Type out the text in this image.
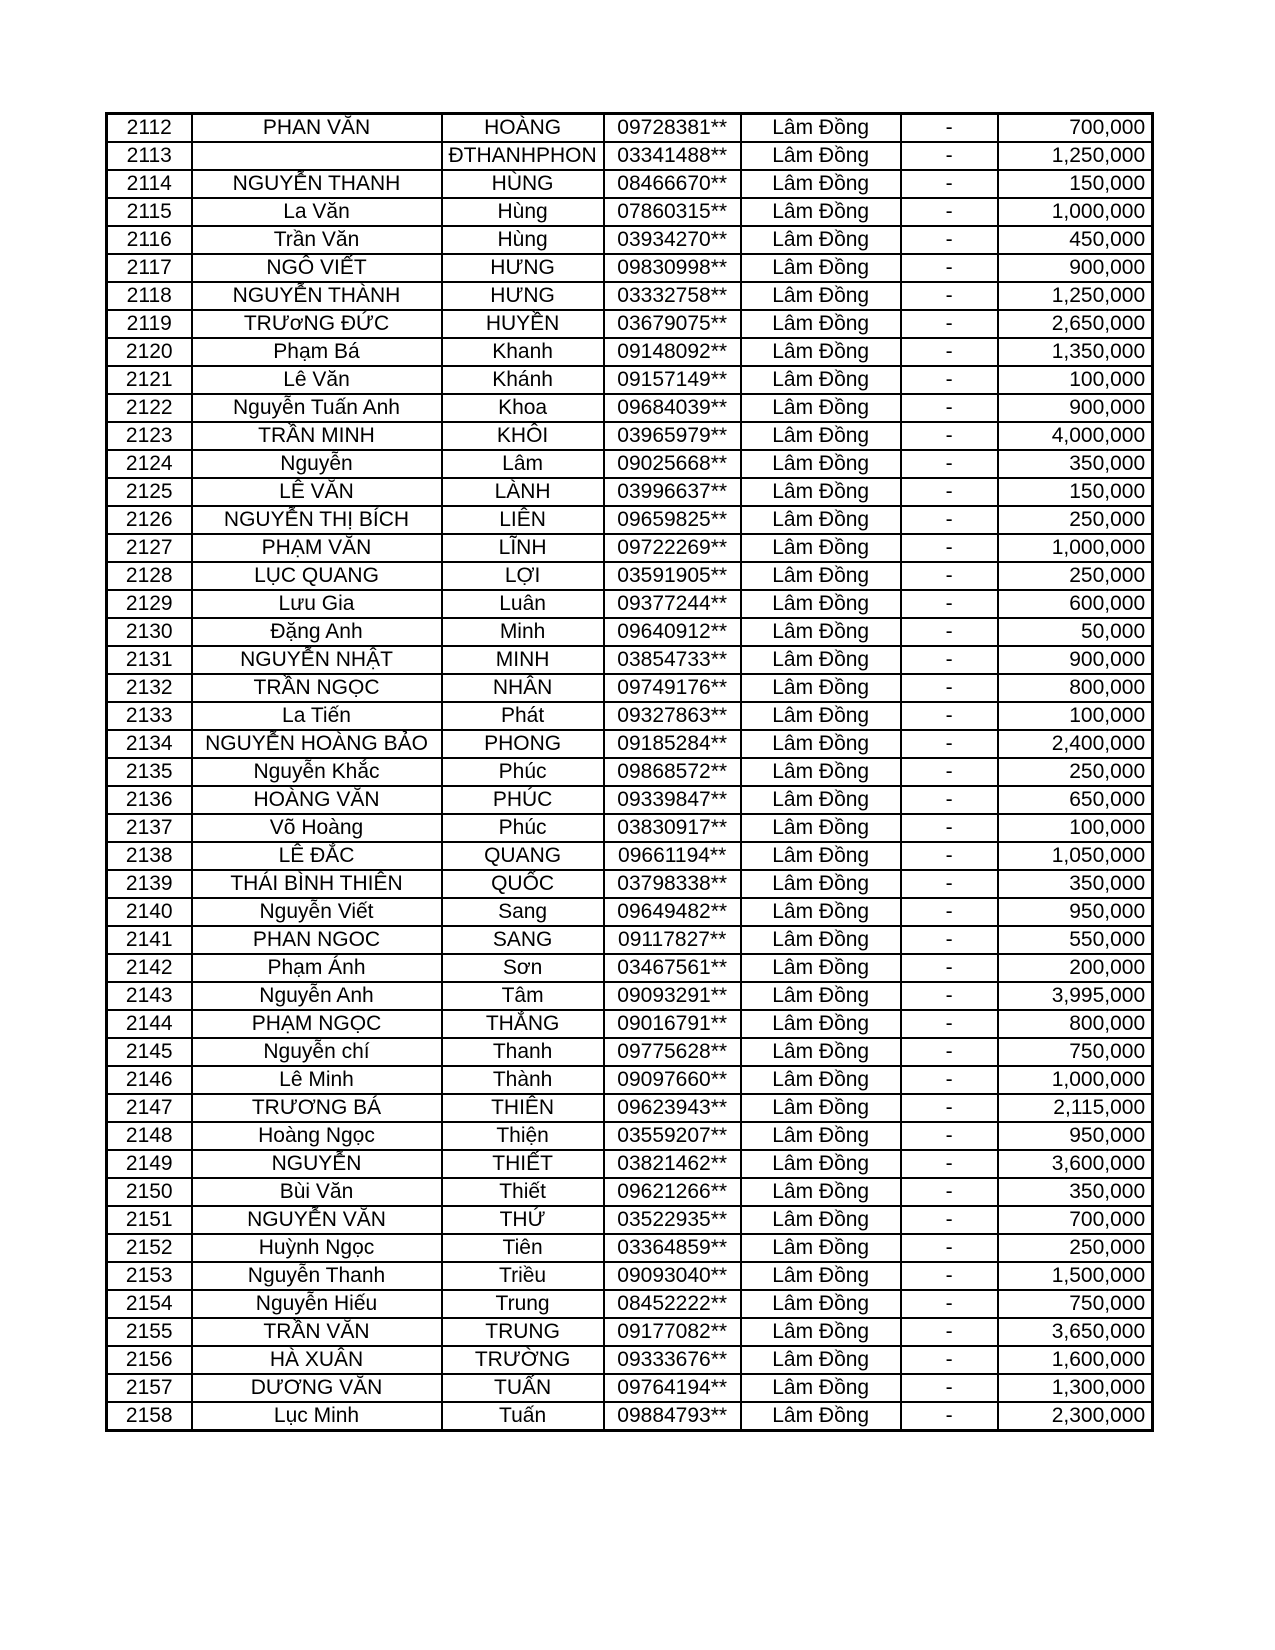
2112	PHAN VĂN	HOÀNG	09728381**	Lâm Đồng	-	700,000
2113		ĐTHANHPHON	03341488**	Lâm Đồng	-	1,250,000
2114	NGUYỄN THANH	HÙNG	08466670**	Lâm Đồng	-	150,000
2115	La Văn	Hùng	07860315**	Lâm Đồng	-	1,000,000
2116	Trần Văn	Hùng	03934270**	Lâm Đồng	-	450,000
2117	NGÔ VIẾT	HƯNG	09830998**	Lâm Đồng	-	900,000
2118	NGUYỄN THÀNH	HƯNG	03332758**	Lâm Đồng	-	1,250,000
2119	TRƯơNG ĐỨC	HUYỀN	03679075**	Lâm Đồng	-	2,650,000
2120	Phạm Bá	Khanh	09148092**	Lâm Đồng	-	1,350,000
2121	Lê Văn	Khánh	09157149**	Lâm Đồng	-	100,000
2122	Nguyễn Tuấn Anh	Khoa	09684039**	Lâm Đồng	-	900,000
2123	TRẦN MINH	KHÔI	03965979**	Lâm Đồng	-	4,000,000
2124	Nguyễn	Lâm	09025668**	Lâm Đồng	-	350,000
2125	LÊ VĂN	LÀNH	03996637**	Lâm Đồng	-	150,000
2126	NGUYỄN THỊ BÍCH	LIÊN	09659825**	Lâm Đồng	-	250,000
2127	PHẠM VĂN	LĨNH	09722269**	Lâm Đồng	-	1,000,000
2128	LỤC QUANG	LỢI	03591905**	Lâm Đồng	-	250,000
2129	Lưu Gia	Luân	09377244**	Lâm Đồng	-	600,000
2130	Đặng Anh	Minh	09640912**	Lâm Đồng	-	50,000
2131	NGUYỄN NHẬT	MINH	03854733**	Lâm Đồng	-	900,000
2132	TRẦN NGỌC	NHÂN	09749176**	Lâm Đồng	-	800,000
2133	La Tiến	Phát	09327863**	Lâm Đồng	-	100,000
2134	NGUYỄN HOÀNG BẢO	PHONG	09185284**	Lâm Đồng	-	2,400,000
2135	Nguyễn Khắc	Phúc	09868572**	Lâm Đồng	-	250,000
2136	HOÀNG VĂN	PHÚC	09339847**	Lâm Đồng	-	650,000
2137	Võ Hoàng	Phúc	03830917**	Lâm Đồng	-	100,000
2138	LÊ ĐẮC	QUANG	09661194**	Lâm Đồng	-	1,050,000
2139	THÁI BÌNH THIÊN	QUỐC	03798338**	Lâm Đồng	-	350,000
2140	Nguyễn Viết	Sang	09649482**	Lâm Đồng	-	950,000
2141	PHAN NGOC	SANG	09117827**	Lâm Đồng	-	550,000
2142	Phạm Ánh	Sơn	03467561**	Lâm Đồng	-	200,000
2143	Nguyễn Anh	Tâm	09093291**	Lâm Đồng	-	3,995,000
2144	PHẠM NGỌC	THẮNG	09016791**	Lâm Đồng	-	800,000
2145	Nguyễn chí	Thanh	09775628**	Lâm Đồng	-	750,000
2146	Lê Minh	Thành	09097660**	Lâm Đồng	-	1,000,000
2147	TRƯƠNG BÁ	THIÊN	09623943**	Lâm Đồng	-	2,115,000
2148	Hoàng Ngọc	Thiện	03559207**	Lâm Đồng	-	950,000
2149	NGUYỄN	THIẾT	03821462**	Lâm Đồng	-	3,600,000
2150	Bùi Văn	Thiết	09621266**	Lâm Đồng	-	350,000
2151	NGUYỄN VĂN	THỨ	03522935**	Lâm Đồng	-	700,000
2152	Huỳnh Ngọc	Tiên	03364859**	Lâm Đồng	-	250,000
2153	Nguyễn Thanh	Triều	09093040**	Lâm Đồng	-	1,500,000
2154	Nguyễn Hiếu	Trung	08452222**	Lâm Đồng	-	750,000
2155	TRẦN VĂN	TRUNG	09177082**	Lâm Đồng	-	3,650,000
2156	HÀ XUÂN	TRƯỜNG	09333676**	Lâm Đồng	-	1,600,000
2157	DƯƠNG VĂN	TUẤN	09764194**	Lâm Đồng	-	1,300,000
2158	Lục Minh	Tuấn	09884793**	Lâm Đồng	-	2,300,000
